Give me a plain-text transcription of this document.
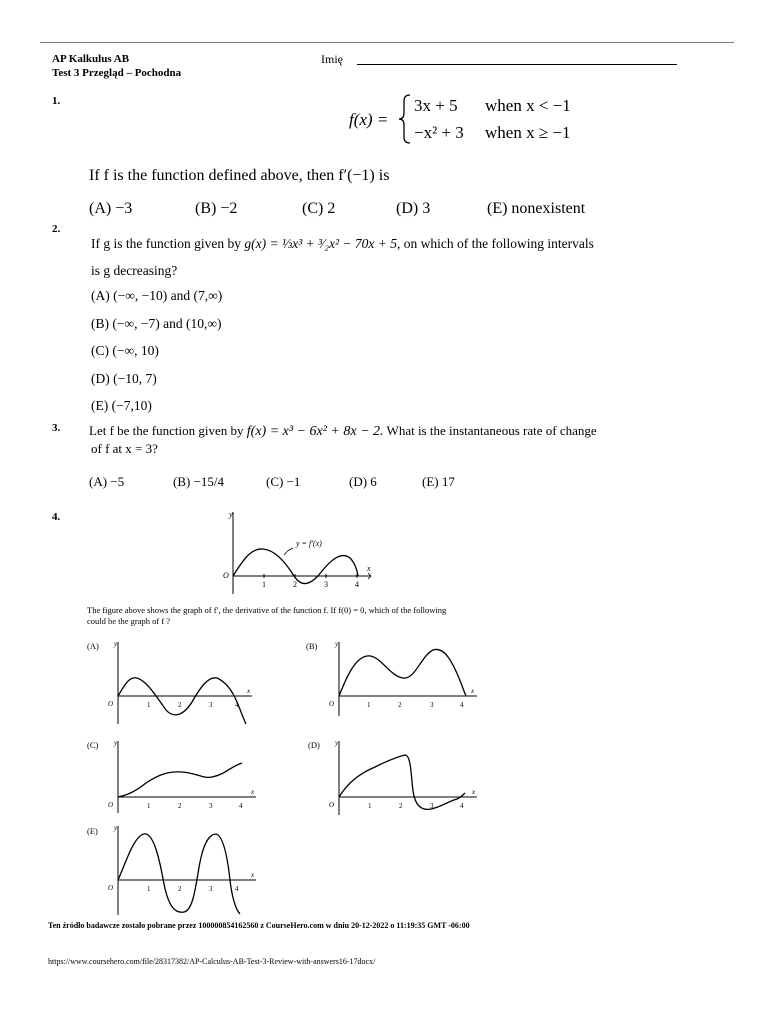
AP Kalkulus AB
Test 3 Przegląd – Pochodna
Imię
1.
f(x) =
3x + 5 when x < −1
−x² + 3 when x ≥ −1
If f is the function defined above, then f′(−1) is
(A) −3	(B) −2	(C) 2	(D) 3	(E) nonexistent
2.
If g is the function given by g(x) = ⅓x³ + ³⁄₂x² − 70x + 5, on which of the following intervals
is g decreasing?
(A) (−∞, −10) and (7,∞)
(B) (−∞, −7) and (10,∞)
(C) (−∞, 10)
(D) (−10, 7)
(E) (−7,10)
3. Let f be the function given by f(x) = x³ − 6x² + 8x − 2. What is the instantaneous rate of change
of f at x = 3?
(A) −5	(B) −15/4	(C) −1	(D) 6	(E) 17
4.
y = f′(x)
y
x
O
1	2	3	4
The figure above shows the graph of f′, the derivative of the function f. If f(0) = 0, which of the following
could be the graph of f ?
(A) y
x
O	1	2	3	4
(B)	y
x
O	1	2	3	4
(C) y
x
O	1	2	3	4
(D) y
x
O	1	2	3	4
(E) y
x
O	1	2	3	4
Ten źródło badawcze zostało pobrane przez 100000854162560 z CourseHero.com w dniu 20-12-2022 o 11:19:35 GMT -06:00
https://www.coursehero.com/file/28317382/AP-Calculus-AB-Test-3-Review-with-answers16-17docx/
